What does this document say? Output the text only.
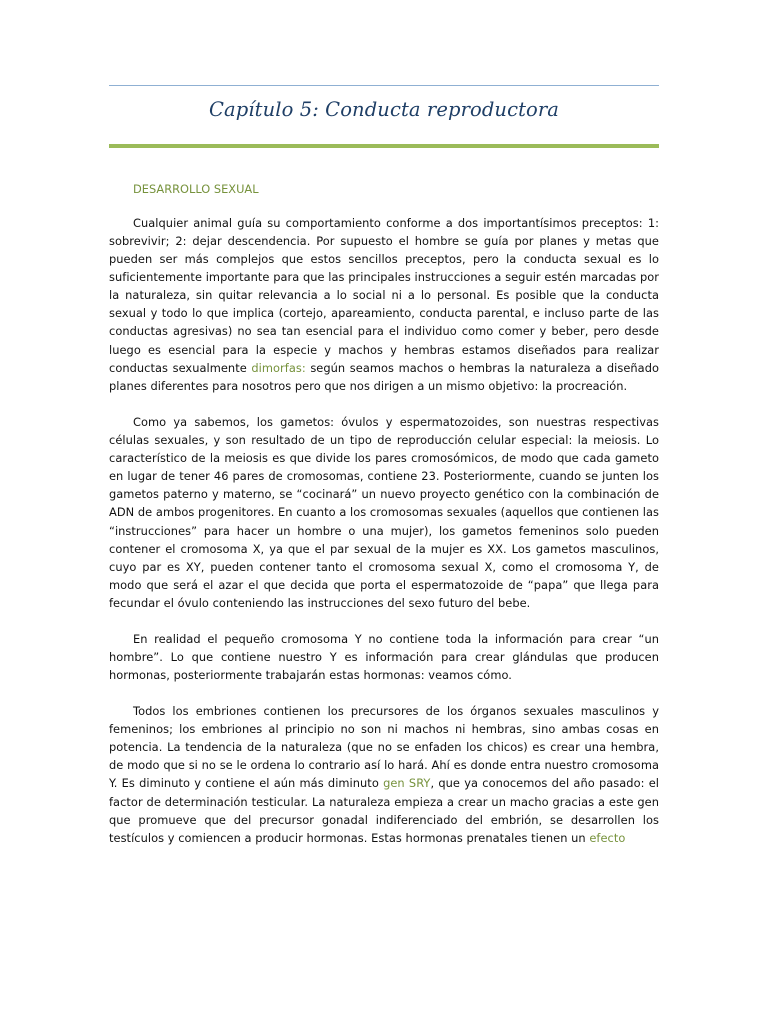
Capítulo 5: Conducta reproductora
DESARROLLO SEXUAL

Cualquier animal guía su comportamiento conforme a dos importantísimos preceptos: 1: sobrevivir; 2: dejar descendencia. Por supuesto el hombre se guía por planes y metas que pueden ser más complejos que estos sencillos preceptos, pero la conducta sexual es lo suficientemente importante para que las principales instrucciones a seguir estén marcadas por la naturaleza, sin quitar relevancia a lo social ni a lo personal. Es posible que la conducta sexual y todo lo que implica (cortejo, apareamiento, conducta parental, e incluso parte de las conductas agresivas) no sea tan esencial para el individuo como comer y beber, pero desde luego es esencial para la especie y machos y hembras estamos diseñados para realizar conductas sexualmente dimorfas: según seamos machos o hembras la naturaleza a diseñado planes diferentes para nosotros pero que nos dirigen a un mismo objetivo: la procreación.

Como ya sabemos, los gametos: óvulos y espermatozoides, son nuestras respectivas células sexuales, y son resultado de un tipo de reproducción celular especial: la meiosis. Lo característico de la meiosis es que divide los pares cromosómicos, de modo que cada gameto en lugar de tener 46 pares de cromosomas, contiene 23. Posteriormente, cuando se junten los gametos paterno y materno, se “cocinará” un nuevo proyecto genético con la combinación de ADN de ambos progenitores. En cuanto a los cromosomas sexuales (aquellos que contienen las “instrucciones” para hacer un hombre o una mujer), los gametos femeninos solo pueden contener el cromosoma X, ya que el par sexual de la mujer es XX. Los gametos masculinos, cuyo par es XY, pueden contener tanto el cromosoma sexual X, como el cromosoma Y, de modo que será el azar el que decida que porta el espermatozoide de “papa” que llega para fecundar el óvulo conteniendo las instrucciones del sexo futuro del bebe.

En realidad el pequeño cromosoma Y no contiene toda la información para crear “un hombre”. Lo que contiene nuestro Y es información para crear glándulas que producen hormonas, posteriormente trabajarán estas hormonas: veamos cómo.

Todos los embriones contienen los precursores de los órganos sexuales masculinos y femeninos; los embriones al principio no son ni machos ni hembras, sino ambas cosas en potencia. La tendencia de la naturaleza (que no se enfaden los chicos) es crear una hembra, de modo que si no se le ordena lo contrario así lo hará. Ahí es donde entra nuestro cromosoma Y. Es diminuto y contiene el aún más diminuto gen SRY, que ya conocemos del año pasado: el factor de determinación testicular. La naturaleza empieza a crear un macho gracias a este gen que promueve que del precursor gonadal indiferenciado del embrión, se desarrollen los testículos y comiencen a producir hormonas. Estas hormonas prenatales tienen un efecto
